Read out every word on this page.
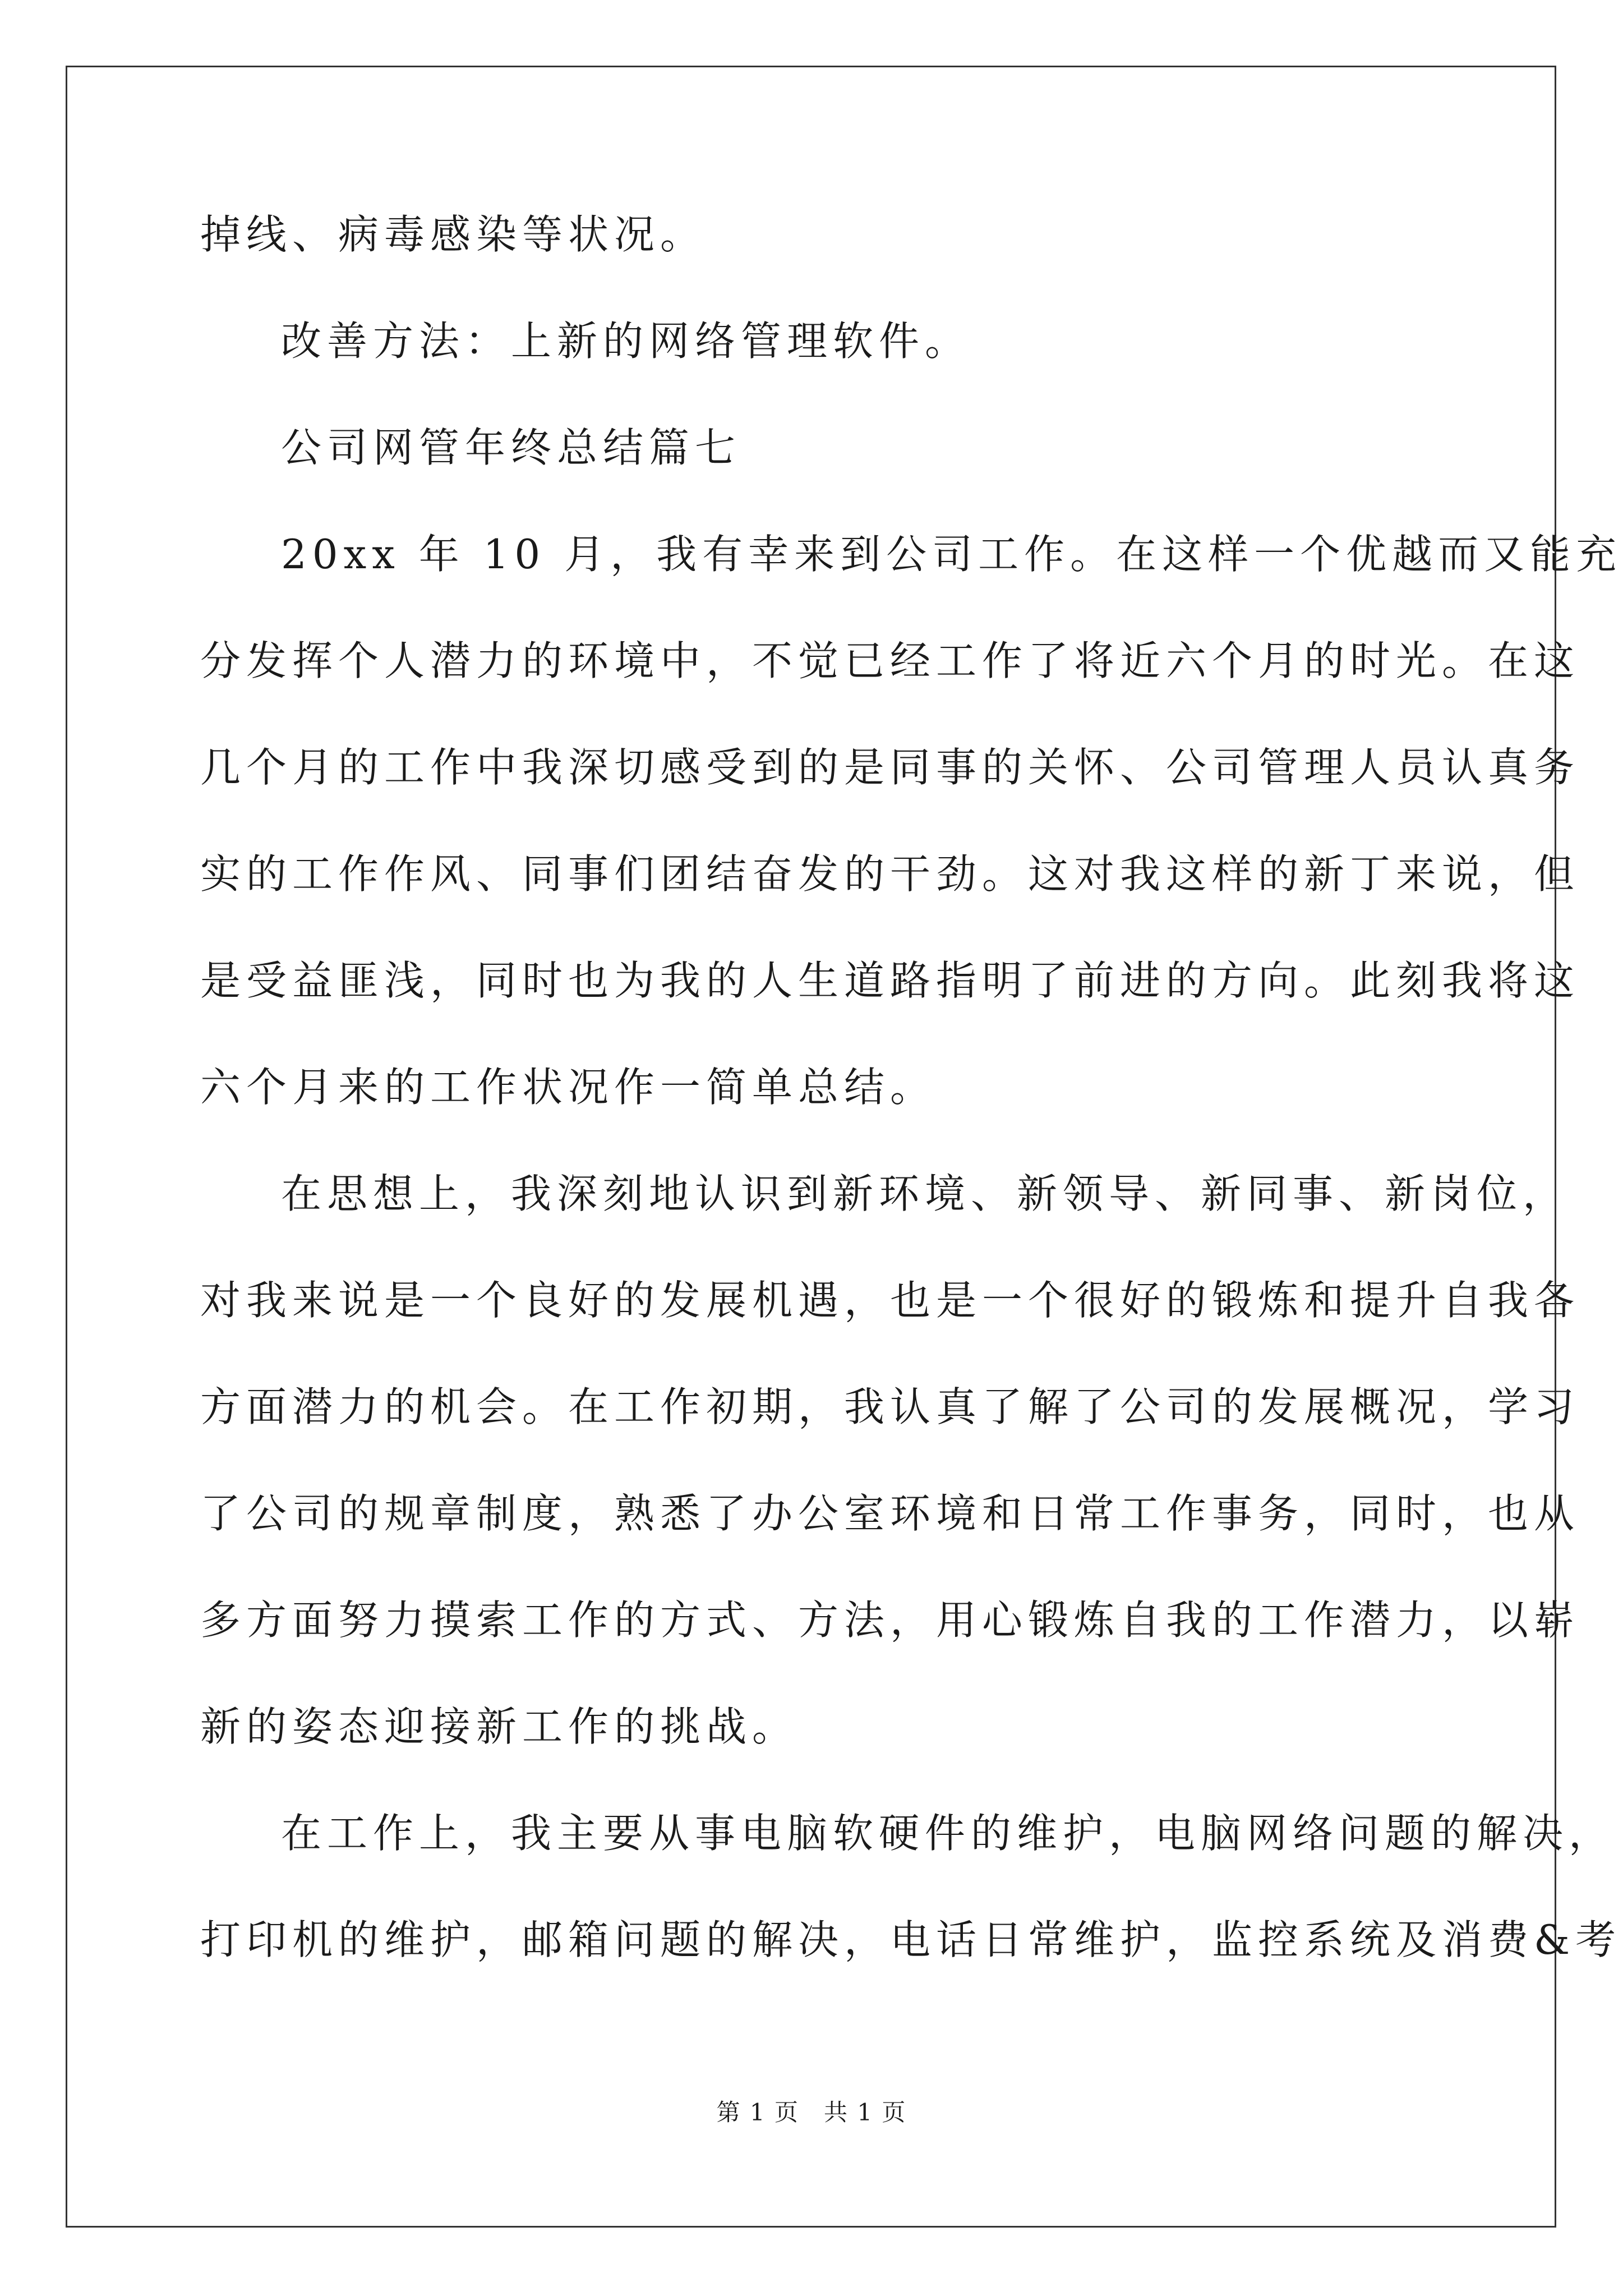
掉线、病毒感染等状况。
改善方法：上新的网络管理软件。
公司网管年终总结篇七
20xx 年 10 月，我有幸来到公司工作。在这样一个优越而又能充
分发挥个人潜力的环境中，不觉已经工作了将近六个月的时光。在这
几个月的工作中我深切感受到的是同事的关怀、公司管理人员认真务
实的工作作风、同事们团结奋发的干劲。这对我这样的新丁来说，但
是受益匪浅，同时也为我的人生道路指明了前进的方向。此刻我将这
六个月来的工作状况作一简单总结。
在思想上，我深刻地认识到新环境、新领导、新同事、新岗位，
对我来说是一个良好的发展机遇，也是一个很好的锻炼和提升自我各
方面潜力的机会。在工作初期，我认真了解了公司的发展概况，学习
了公司的规章制度，熟悉了办公室环境和日常工作事务，同时，也从
多方面努力摸索工作的方式、方法，用心锻炼自我的工作潜力，以崭
新的姿态迎接新工作的挑战。
在工作上，我主要从事电脑软硬件的维护，电脑网络问题的解决，
打印机的维护，邮箱问题的解决，电话日常维护，监控系统及消费&考
第 1 页　共 1 页
